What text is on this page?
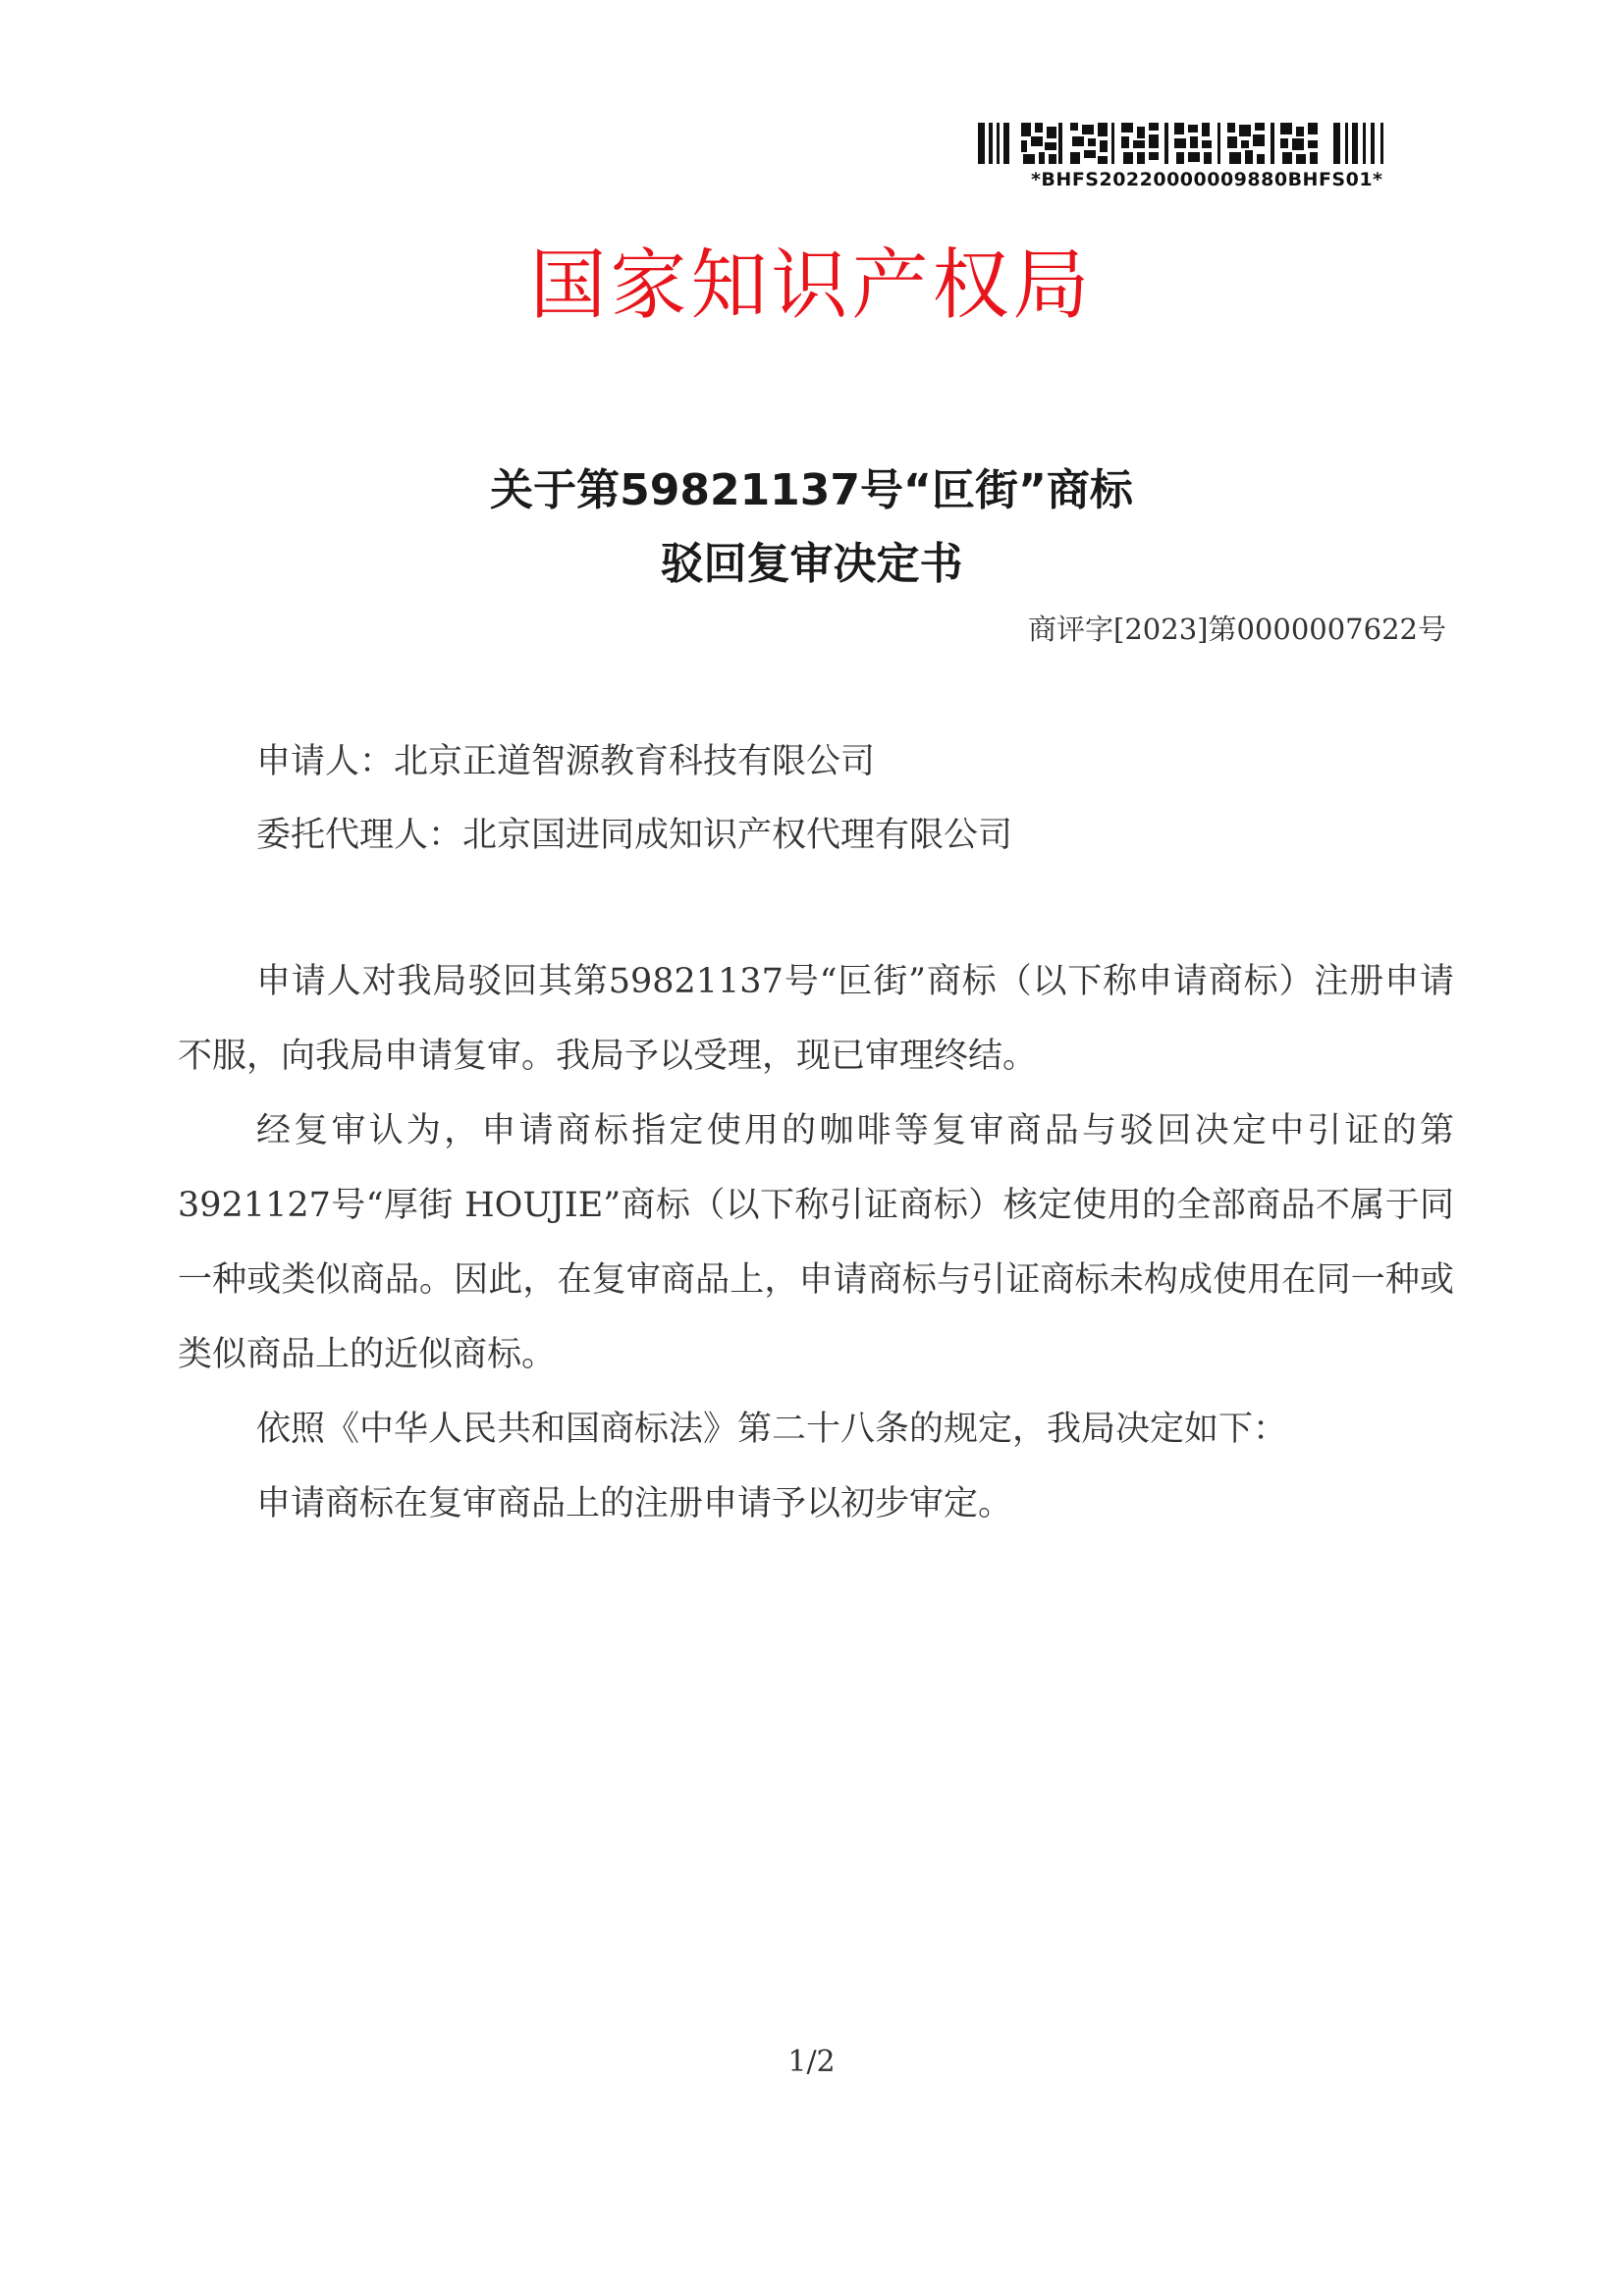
*BHFS20220000009880BHFS01*
国家知识产权局
关于第59821137号“叵街”商标
驳回复审决定书
商评字[2023]第0000007622号
申请人：北京正道智源教育科技有限公司
委托代理人：北京国进同成知识产权代理有限公司

申请人对我局驳回其第59821137号“叵街”商标（以下称申请商标）注册申请不服，向我局申请复审。我局予以受理，现已审理终结。

经复审认为，申请商标指定使用的咖啡等复审商品与驳回决定中引证的第3921127号“厚街 HOUJIE”商标（以下称引证商标）核定使用的全部商品不属于同一种或类似商品。因此，在复审商品上，申请商标与引证商标未构成使用在同一种或类似商品上的近似商标。

依照《中华人民共和国商标法》第二十八条的规定，我局决定如下：

申请商标在复审商品上的注册申请予以初步审定。

1/2
